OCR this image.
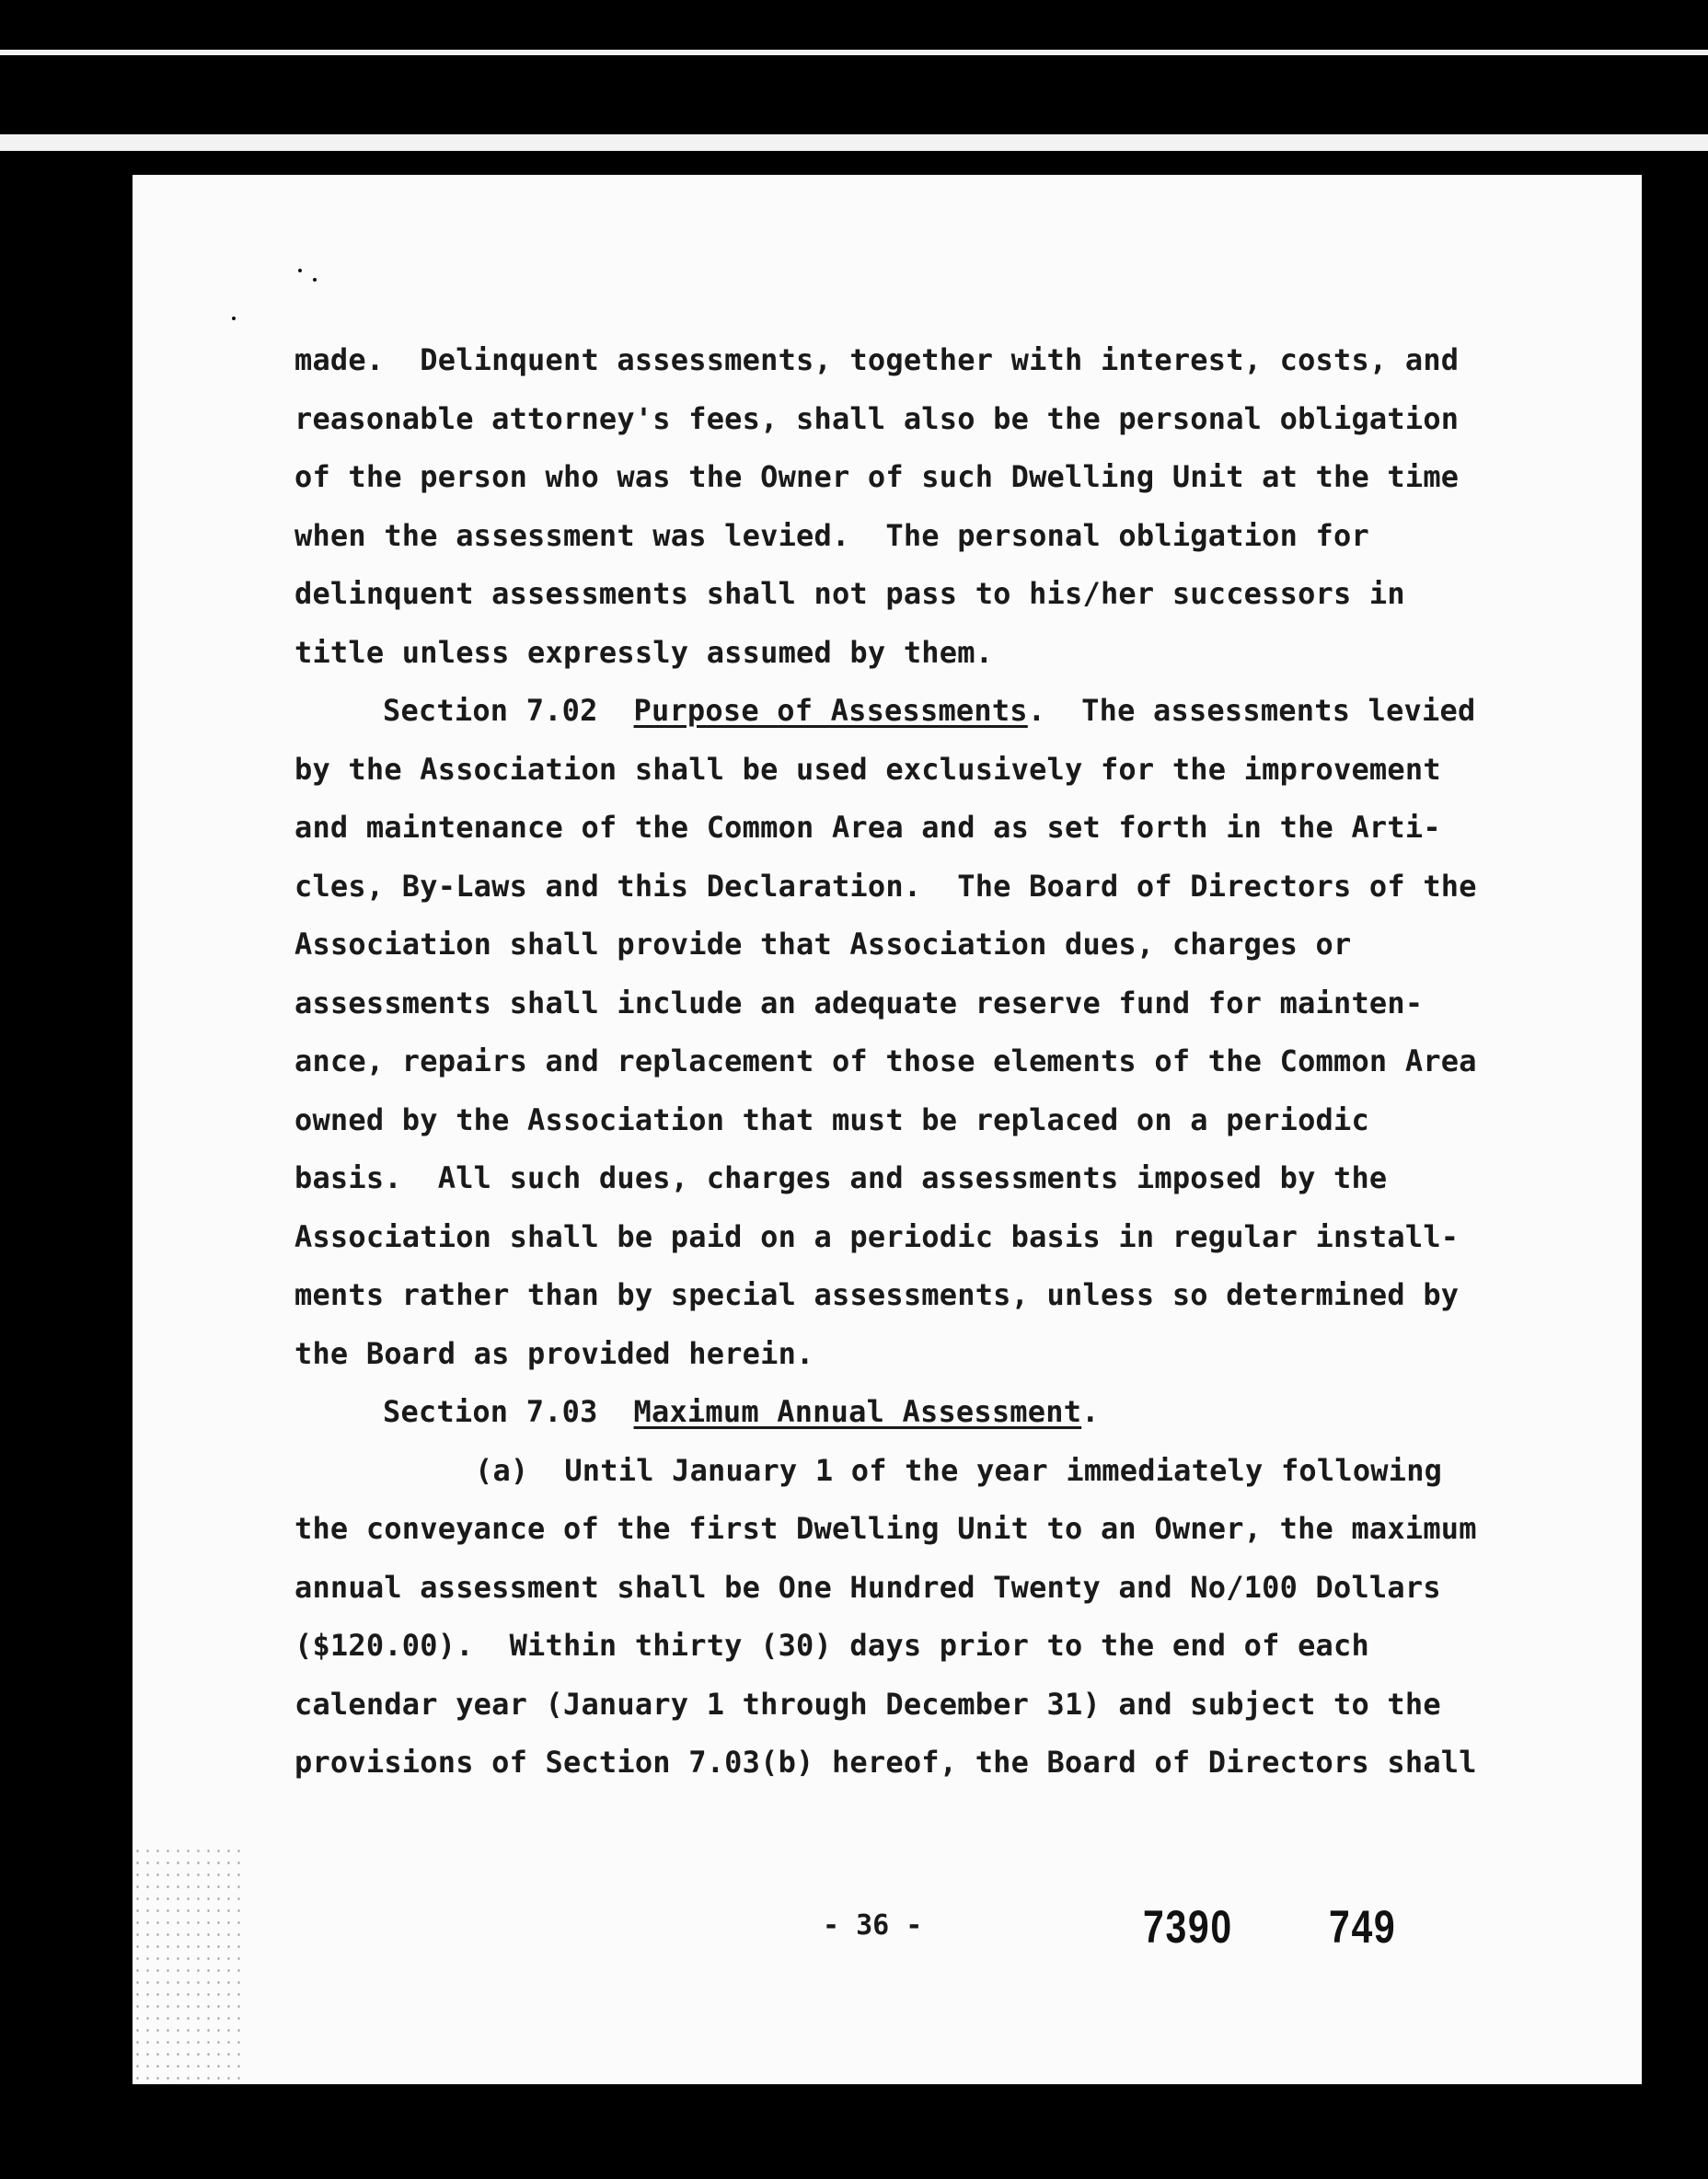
made.  Delinquent assessments, together with interest, costs, and
reasonable attorney's fees, shall also be the personal obligation
of the person who was the Owner of such Dwelling Unit at the time
when the assessment was levied.  The personal obligation for
delinquent assessments shall not pass to his/her successors in
title unless expressly assumed by them.
Section 7.02 Purpose of Assessments.  The assessments levied
by the Association shall be used exclusively for the improvement
and maintenance of the Common Area and as set forth in the Arti-
cles, By-Laws and this Declaration.  The Board of Directors of the
Association shall provide that Association dues, charges or
assessments shall include an adequate reserve fund for mainten-
ance, repairs and replacement of those elements of the Common Area
owned by the Association that must be replaced on a periodic
basis.  All such dues, charges and assessments imposed by the
Association shall be paid on a periodic basis in regular install-
ments rather than by special assessments, unless so determined by
the Board as provided herein.
Section 7.03 Maximum Annual Assessment.
(a)  Until January 1 of the year immediately following
the conveyance of the first Dwelling Unit to an Owner, the maximum
annual assessment shall be One Hundred Twenty and No/100 Dollars
($120.00).  Within thirty (30) days prior to the end of each
calendar year (January 1 through December 31) and subject to the
provisions of Section 7.03(b) hereof, the Board of Directors shall
- 36 -	7390 749
